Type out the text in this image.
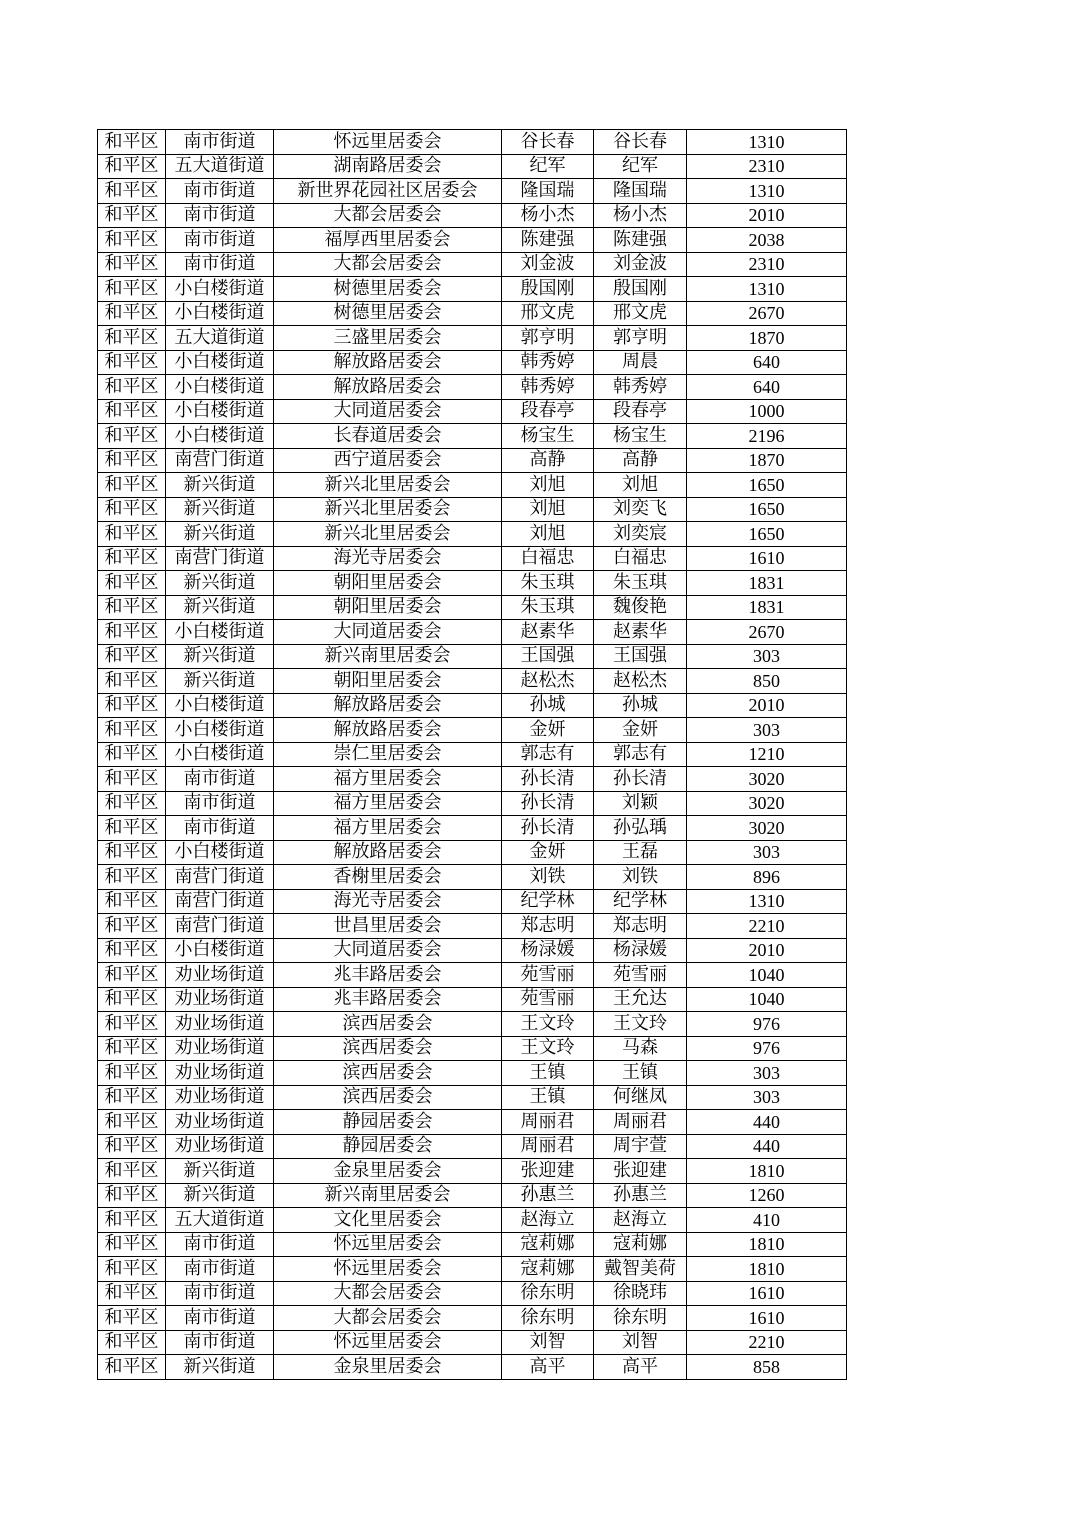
和平区	南市街道	怀远里居委会	谷长春	谷长春	1310
和平区	五大道街道	湖南路居委会	纪军	纪军	2310
和平区	南市街道	新世界花园社区居委会	隆国瑞	隆国瑞	1310
和平区	南市街道	大都会居委会	杨小杰	杨小杰	2010
和平区	南市街道	福厚西里居委会	陈建强	陈建强	2038
和平区	南市街道	大都会居委会	刘金波	刘金波	2310
和平区	小白楼街道	树德里居委会	殷国刚	殷国刚	1310
和平区	小白楼街道	树德里居委会	邢文虎	邢文虎	2670
和平区	五大道街道	三盛里居委会	郭亨明	郭亨明	1870
和平区	小白楼街道	解放路居委会	韩秀婷	周晨	640
和平区	小白楼街道	解放路居委会	韩秀婷	韩秀婷	640
和平区	小白楼街道	大同道居委会	段春亭	段春亭	1000
和平区	小白楼街道	长春道居委会	杨宝生	杨宝生	2196
和平区	南营门街道	西宁道居委会	高静	高静	1870
和平区	新兴街道	新兴北里居委会	刘旭	刘旭	1650
和平区	新兴街道	新兴北里居委会	刘旭	刘奕飞	1650
和平区	新兴街道	新兴北里居委会	刘旭	刘奕宸	1650
和平区	南营门街道	海光寺居委会	白福忠	白福忠	1610
和平区	新兴街道	朝阳里居委会	朱玉琪	朱玉琪	1831
和平区	新兴街道	朝阳里居委会	朱玉琪	魏俊艳	1831
和平区	小白楼街道	大同道居委会	赵素华	赵素华	2670
和平区	新兴街道	新兴南里居委会	王国强	王国强	303
和平区	新兴街道	朝阳里居委会	赵松杰	赵松杰	850
和平区	小白楼街道	解放路居委会	孙城	孙城	2010
和平区	小白楼街道	解放路居委会	金妍	金妍	303
和平区	小白楼街道	崇仁里居委会	郭志有	郭志有	1210
和平区	南市街道	福方里居委会	孙长清	孙长清	3020
和平区	南市街道	福方里居委会	孙长清	刘颖	3020
和平区	南市街道	福方里居委会	孙长清	孙弘瑀	3020
和平区	小白楼街道	解放路居委会	金妍	王磊	303
和平区	南营门街道	香榭里居委会	刘铁	刘铁	896
和平区	南营门街道	海光寺居委会	纪学林	纪学林	1310
和平区	南营门街道	世昌里居委会	郑志明	郑志明	2210
和平区	小白楼街道	大同道居委会	杨渌媛	杨渌媛	2010
和平区	劝业场街道	兆丰路居委会	苑雪丽	苑雪丽	1040
和平区	劝业场街道	兆丰路居委会	苑雪丽	王允达	1040
和平区	劝业场街道	滨西居委会	王文玲	王文玲	976
和平区	劝业场街道	滨西居委会	王文玲	马森	976
和平区	劝业场街道	滨西居委会	王镇	王镇	303
和平区	劝业场街道	滨西居委会	王镇	何继凤	303
和平区	劝业场街道	静园居委会	周丽君	周丽君	440
和平区	劝业场街道	静园居委会	周丽君	周宇萱	440
和平区	新兴街道	金泉里居委会	张迎建	张迎建	1810
和平区	新兴街道	新兴南里居委会	孙惠兰	孙惠兰	1260
和平区	五大道街道	文化里居委会	赵海立	赵海立	410
和平区	南市街道	怀远里居委会	寇莉娜	寇莉娜	1810
和平区	南市街道	怀远里居委会	寇莉娜	戴智美荷	1810
和平区	南市街道	大都会居委会	徐东明	徐晓玮	1610
和平区	南市街道	大都会居委会	徐东明	徐东明	1610
和平区	南市街道	怀远里居委会	刘智	刘智	2210
和平区	新兴街道	金泉里居委会	高平	高平	858
